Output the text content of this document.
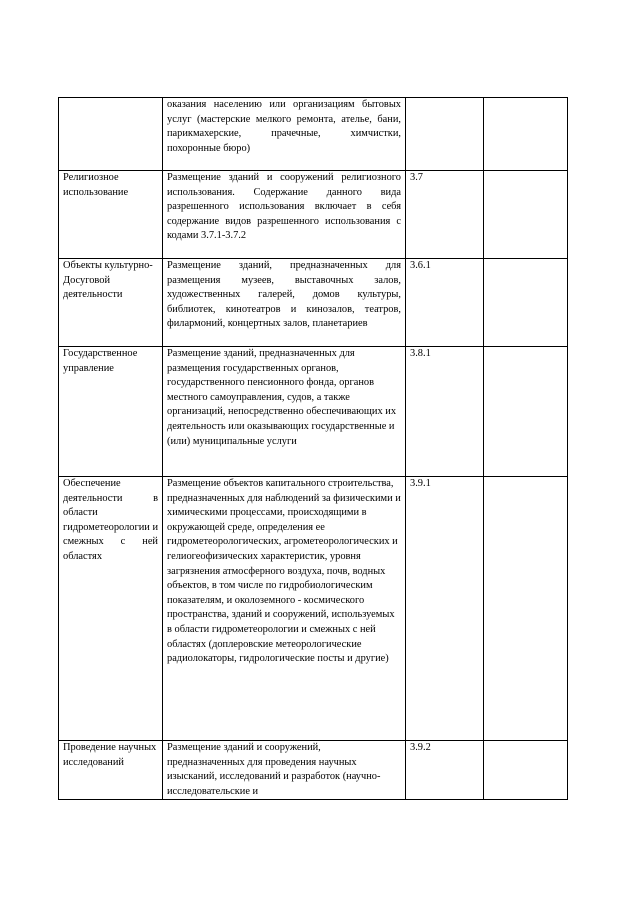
	оказания населению или организациям бытовых услуг (мастерские мелкого ремонта, ателье, бани, парикмахерские, прачечные, химчистки, похоронные бюро)		
Религиозное использование	Размещение зданий и сооружений религиозного использования. Содержание данного вида разрешенного использования включает в себя содержание видов разрешенного использования с кодами 3.7.1-3.7.2	3.7	
Объекты культурно-Досуговой деятельности	Размещение зданий, предназначенных для размещения музеев, выставочных залов, художественных галерей, домов культуры, библиотек, кинотеатров и кинозалов, театров, филармоний, концертных залов, планетариев	3.6.1	
Государственное управление	Размещение зданий, предназначенных для размещения государственных органов, государственного пенсионного фонда, органов местного самоуправления, судов, а также организаций, непосредственно обеспечивающих их деятельность или оказывающих государственные и (или) муниципальные услуги	3.8.1	
Обеспечение деятельности в области гидрометеорологии и смежных с ней областях	Размещение объектов капитального строительства, предназначенных для наблюдений за физическими и химическими процессами, происходящими в окружающей среде, определения ее гидрометеорологических, агрометеорологических и гелиогеофизических характеристик, уровня загрязнения атмосферного воздуха, почв, водных объектов, в том числе по гидробиологическим показателям, и околоземного - космического пространства, зданий и сооружений, используемых в области гидрометеорологии и смежных с ней областях (доплеровские метеорологические радиолокаторы, гидрологические посты и другие)	3.9.1	
Проведение научных исследований	Размещение зданий и сооружений, предназначенных для проведения научных изысканий, исследований и разработок (научно-исследовательские и	3.9.2	
